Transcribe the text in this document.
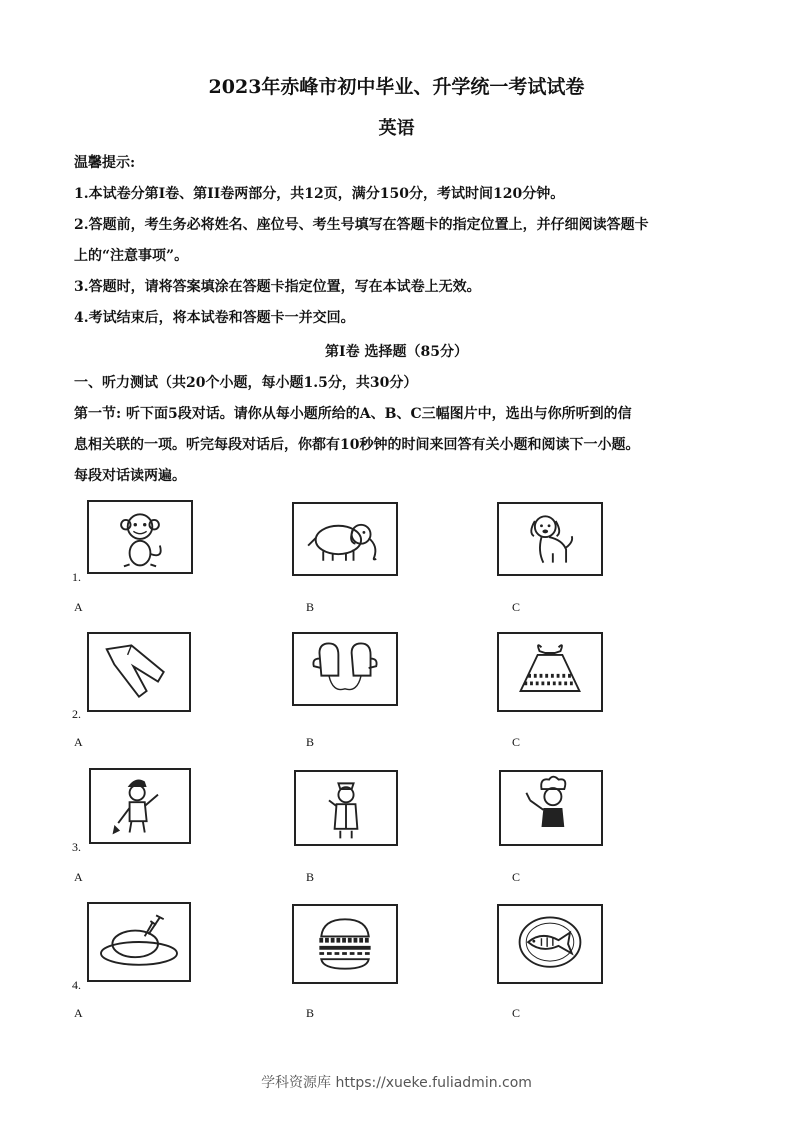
2023年赤峰市初中毕业、升学统一考试试卷
英语
温馨提示:
1.本试卷分第I卷、第II卷两部分，共12页，满分150分，考试时间120分钟。
2.答题前，考生务必将姓名、座位号、考生号填写在答题卡的指定位置上，并仔细阅读答题卡
上的“注意事项”。
3.答题时，请将答案填涂在答题卡指定位置，写在本试卷上无效。
4.考试结束后，将本试卷和答题卡一并交回。
第I卷 选择题（85分）
一、听力测试（共20个小题，每小题1.5分，共30分）
第一节: 听下面5段对话。请你从每小题所给的A、B、C三幅图片中，选出与你所听到的信
息相关联的一项。听完每段对话后，你都有10秒钟的时间来回答有关小题和阅读下一小题。
每段对话读两遍。
1.
A	B	C
2.
A	B	C
3.
A	B	C
4.
A	B	C
学科资源库 https://xueke.fuliadmin.com
